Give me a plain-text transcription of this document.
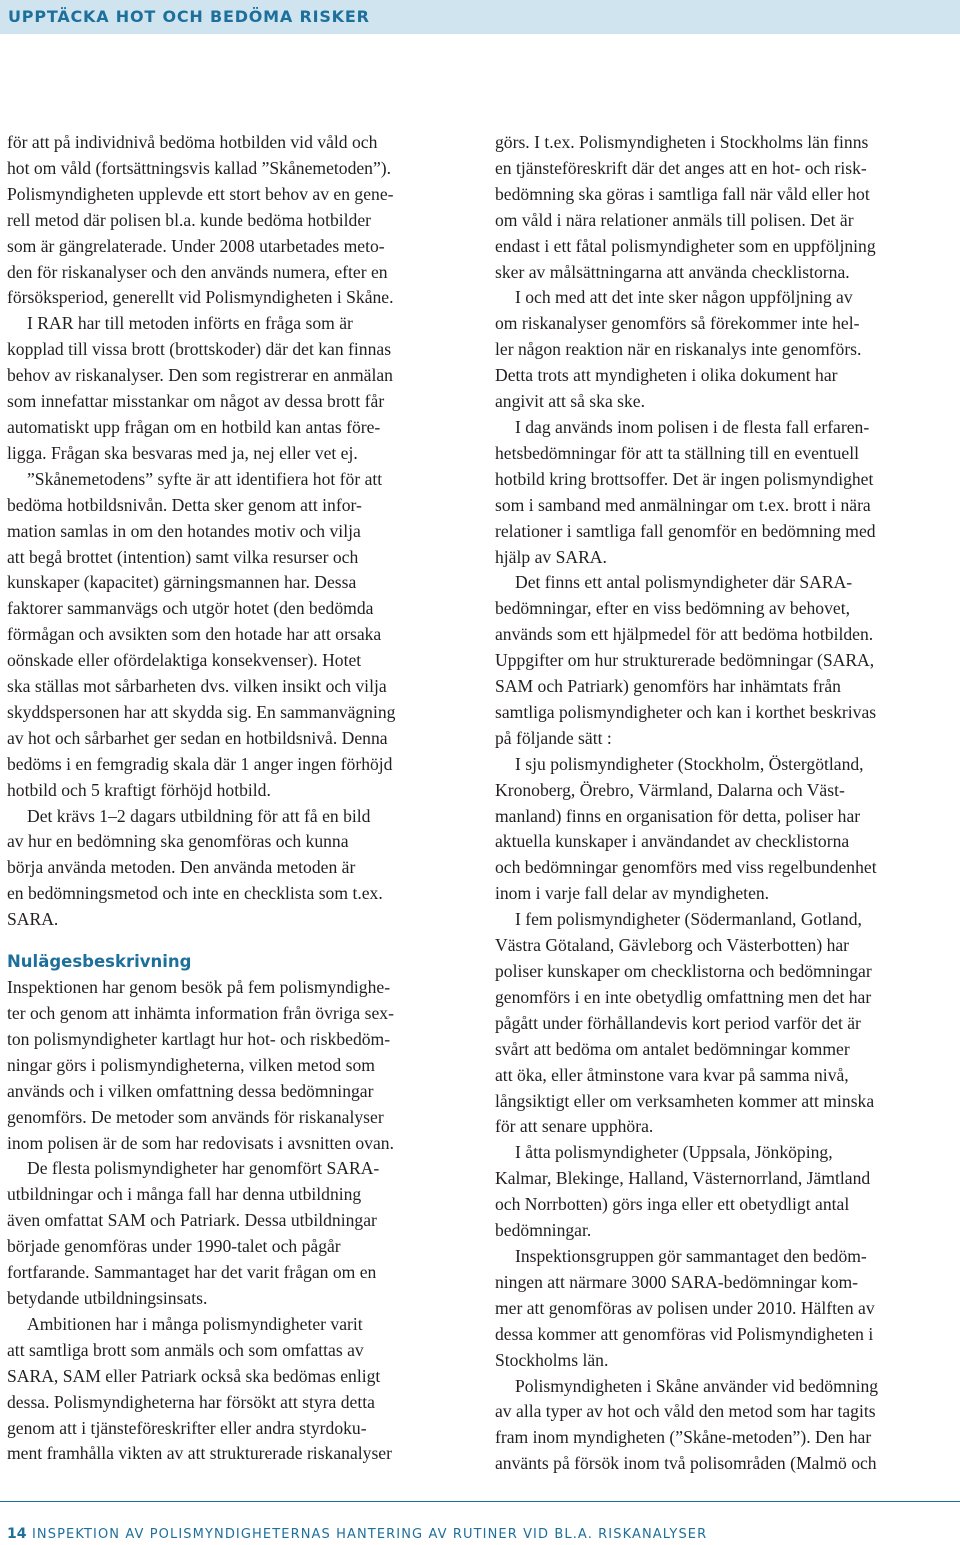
UPPTÄCKA HOT OCH BEDÖMA RISKER
för att på individnivå bedöma hotbilden vid våld och
hot om våld (fortsättningsvis kallad ”Skånemetoden”).
Polismyndigheten upplevde ett stort behov av en gene-
rell metod där polisen bl.a. kunde bedöma hotbilder
som är gängrelaterade. Under 2008 utarbetades meto-
den för riskanalyser och den används numera, efter en
försöksperiod, generellt vid Polismyndigheten i Skåne.
I RAR har till metoden införts en fråga som är
kopplad till vissa brott (brottskoder) där det kan finnas
behov av riskanalyser. Den som registrerar en anmälan
som innefattar misstankar om något av dessa brott får
automatiskt upp frågan om en hotbild kan antas före-
ligga. Frågan ska besvaras med ja, nej eller vet ej.
”Skånemetodens” syfte är att identifiera hot för att
bedöma hotbildsnivån. Detta sker genom att infor-
mation samlas in om den hotandes motiv och vilja
att begå brottet (intention) samt vilka resurser och
kunskaper (kapacitet) gärningsmannen har. Dessa
faktorer sammanvägs och utgör hotet (den bedömda
förmågan och avsikten som den hotade har att orsaka
oönskade eller ofördelaktiga konsekvenser). Hotet
ska ställas mot sårbarheten dvs. vilken insikt och vilja
skyddspersonen har att skydda sig. En sammanvägning
av hot och sårbarhet ger sedan en hotbildsnivå. Denna
bedöms i en femgradig skala där 1 anger ingen förhöjd
hotbild och 5 kraftigt förhöjd hotbild.
Det krävs 1–2 dagars utbildning för att få en bild
av hur en bedömning ska genomföras och kunna
börja använda metoden. Den använda metoden är
en bedömningsmetod och inte en checklista som t.ex.
SARA.
Nulägesbeskrivning
Inspektionen har genom besök på fem polismyndighe-
ter och genom att inhämta information från övriga sex-
ton polismyndigheter kartlagt hur hot- och riskbedöm-
ningar görs i polismyndigheterna, vilken metod som
används och i vilken omfattning dessa bedömningar
genomförs. De metoder som används för riskanalyser
inom polisen är de som har redovisats i avsnitten ovan.
De flesta polismyndigheter har genomfört SARA-
utbildningar och i många fall har denna utbildning
även omfattat SAM och Patriark. Dessa utbildningar
började genomföras under 1990-talet och pågår
fortfarande. Sammantaget har det varit frågan om en
betydande utbildningsinsats.
Ambitionen har i många polismyndigheter varit
att samtliga brott som anmäls och som omfattas av
SARA, SAM eller Patriark också ska bedömas enligt
dessa. Polismyndigheterna har försökt att styra detta
genom att i tjänsteföreskrifter eller andra styrdoku-
ment framhålla vikten av att strukturerade riskanalyser
görs. I t.ex. Polismyndigheten i Stockholms län finns
en tjänsteföreskrift där det anges att en hot- och risk-
bedömning ska göras i samtliga fall när våld eller hot
om våld i nära relationer anmäls till polisen. Det är
endast i ett fåtal polismyndigheter som en uppföljning
sker av målsättningarna att använda checklistorna.
I och med att det inte sker någon uppföljning av
om riskanalyser genomförs så förekommer inte hel-
ler någon reaktion när en riskanalys inte genomförs.
Detta trots att myndigheten i olika dokument har
angivit att så ska ske.
I dag används inom polisen i de flesta fall erfaren-
hetsbedömningar för att ta ställning till en eventuell
hotbild kring brottsoffer. Det är ingen polismyndighet
som i samband med anmälningar om t.ex. brott i nära
relationer i samtliga fall genomför en bedömning med
hjälp av SARA.
Det finns ett antal polismyndigheter där SARA-
bedömningar, efter en viss bedömning av behovet,
används som ett hjälpmedel för att bedöma hotbilden.
Uppgifter om hur strukturerade bedömningar (SARA,
SAM och Patriark) genomförs har inhämtats från
samtliga polismyndigheter och kan i korthet beskrivas
på följande sätt :
I sju polismyndigheter (Stockholm, Östergötland,
Kronoberg, Örebro, Värmland, Dalarna och Väst-
manland) finns en organisation för detta, poliser har
aktuella kunskaper i användandet av checklistorna
och bedömningar genomförs med viss regelbundenhet
inom i varje fall delar av myndigheten.
I fem polismyndigheter (Södermanland, Gotland,
Västra Götaland, Gävleborg och Västerbotten) har
poliser kunskaper om checklistorna och bedömningar
genomförs i en inte obetydlig omfattning men det har
pågått under förhållandevis kort period varför det är
svårt att bedöma om antalet bedömningar kommer
att öka, eller åtminstone vara kvar på samma nivå,
långsiktigt eller om verksamheten kommer att minska
för att senare upphöra.
I åtta polismyndigheter (Uppsala, Jönköping,
Kalmar, Blekinge, Halland, Västernorrland, Jämtland
och Norrbotten) görs inga eller ett obetydligt antal
bedömningar.
Inspektionsgruppen gör sammantaget den bedöm-
ningen att närmare 3000 SARA-bedömningar kom-
mer att genomföras av polisen under 2010. Hälften av
dessa kommer att genomföras vid Polismyndigheten i
Stockholms län.
Polismyndigheten i Skåne använder vid bedömning
av alla typer av hot och våld den metod som har tagits
fram inom myndigheten (”Skåne-metoden”). Den har
använts på försök inom två polisområden (Malmö och
14 INSPEKTION AV POLISMYNDIGHETERNAS HANTERING AV RUTINER VID BL.A. RISKANALYSER
